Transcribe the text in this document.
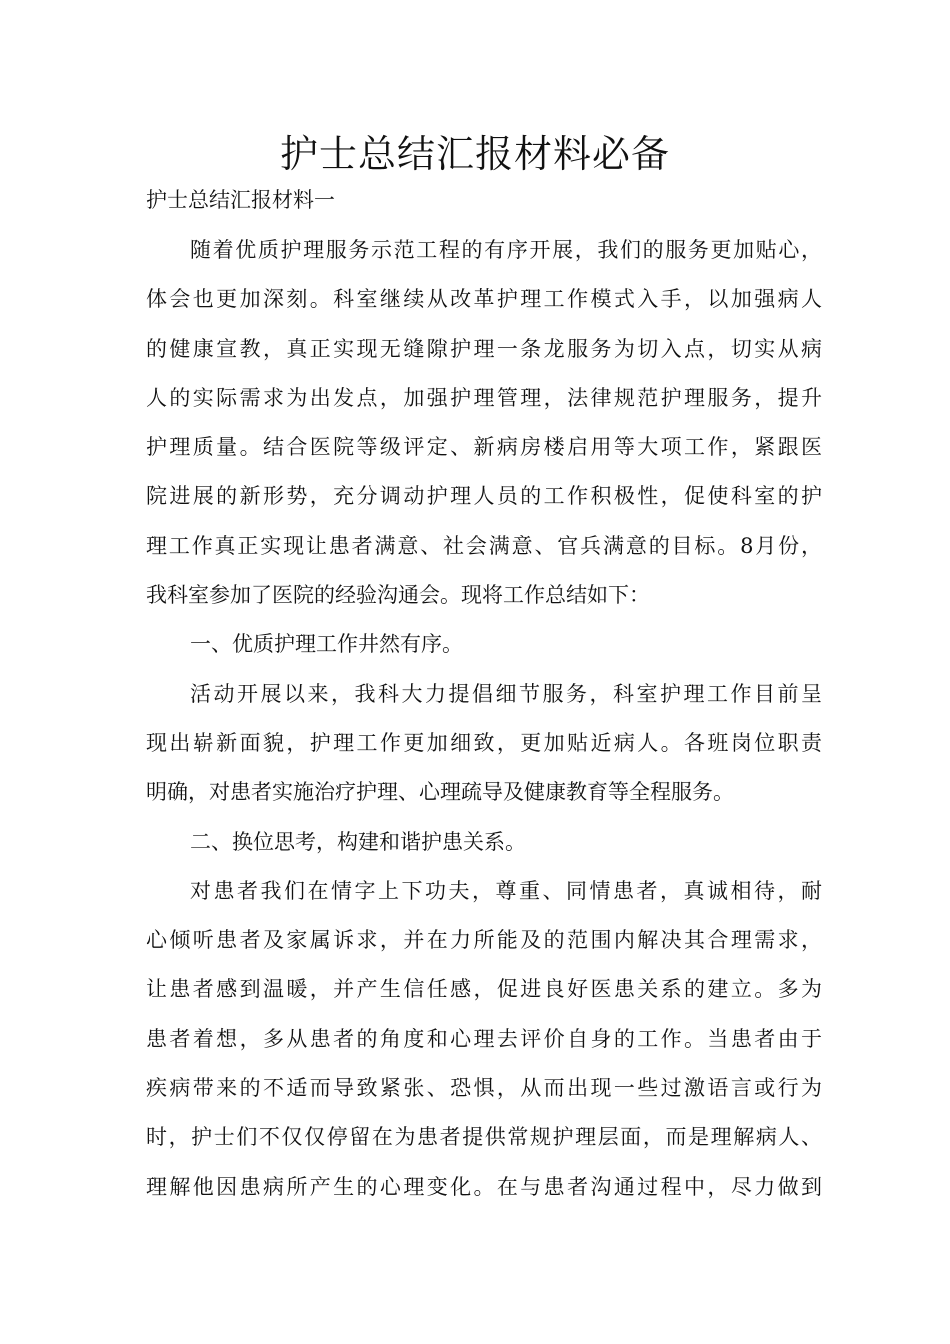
护士总结汇报材料必备

护士总结汇报材料一

随着优质护理服务示范工程的有序开展，我们的服务更加贴心，
体会也更加深刻。科室继续从改革护理工作模式入手，以加强病人
的健康宣教，真正实现无缝隙护理一条龙服务为切入点，切实从病
人的实际需求为出发点，加强护理管理，法律规范护理服务，提升
护理质量。结合医院等级评定、新病房楼启用等大项工作，紧跟医
院进展的新形势，充分调动护理人员的工作积极性，促使科室的护
理工作真正实现让患者满意、社会满意、官兵满意的目标。8月份，
我科室参加了医院的经验沟通会。现将工作总结如下：
一、优质护理工作井然有序。
活动开展以来，我科大力提倡细节服务，科室护理工作目前呈
现出崭新面貌，护理工作更加细致，更加贴近病人。各班岗位职责
明确，对患者实施治疗护理、心理疏导及健康教育等全程服务。
二、换位思考，构建和谐护患关系。
对患者我们在情字上下功夫，尊重、同情患者，真诚相待，耐
心倾听患者及家属诉求，并在力所能及的范围内解决其合理需求，
让患者感到温暖，并产生信任感，促进良好医患关系的建立。多为
患者着想，多从患者的角度和心理去评价自身的工作。当患者由于
疾病带来的不适而导致紧张、恐惧，从而出现一些过激语言或行为
时，护士们不仅仅停留在为患者提供常规护理层面，而是理解病人、
理解他因患病所产生的心理变化。在与患者沟通过程中，尽力做到
